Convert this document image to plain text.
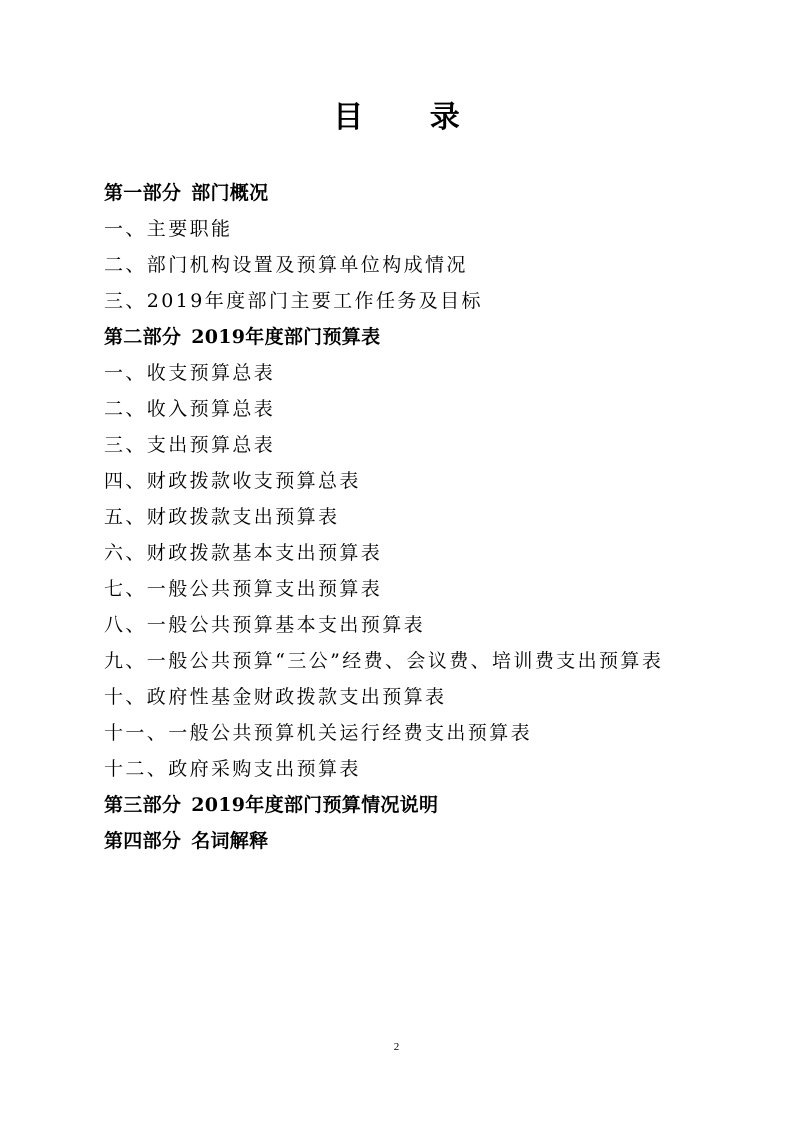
目 录
第一部分 部门概况
一、主要职能
二、部门机构设置及预算单位构成情况
三、2019年度部门主要工作任务及目标
第二部分 2019年度部门预算表
一、收支预算总表
二、收入预算总表
三、支出预算总表
四、财政拨款收支预算总表
五、财政拨款支出预算表
六、财政拨款基本支出预算表
七、一般公共预算支出预算表
八、一般公共预算基本支出预算表
九、一般公共预算“三公”经费、会议费、培训费支出预算表
十、政府性基金财政拨款支出预算表
十一、一般公共预算机关运行经费支出预算表
十二、政府采购支出预算表
第三部分 2019年度部门预算情况说明
第四部分 名词解释
2
